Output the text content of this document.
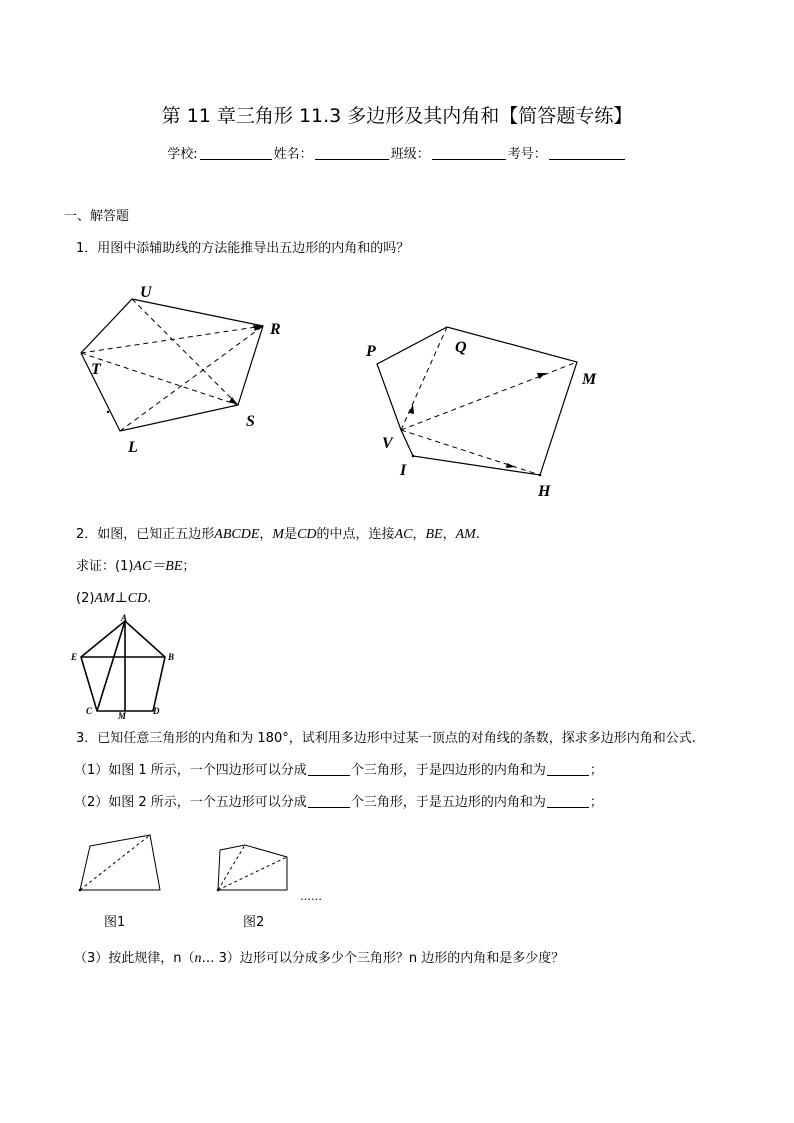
第 11 章三角形 11.3 多边形及其内角和【简答题专练】
学校:	姓名：	班级：	考号：
一、解答题
1．用图中添辅助线的方法能推导出五边形的内角和的吗？
U
R
T
S
L
P	Q
M
V
I
H
A
E	B
C	M	D
2．如图，已知正五边形ABCDE，M是CD的中点，连接AC，BE，AM.
求证：(1)AC＝BE；
(2)AM⊥CD.
3．已知任意三角形的内角和为 180°，试利用多边形中过某一顶点的对角线的条数，探求多边形内角和公式.
（1）如图 1 所示，一个四边形可以分成	个三角形，于是四边形的内角和为	；
（2）如图 2 所示，一个五边形可以分成	个三角形，于是五边形的内角和为	；
图1	图2
……
（3）按此规律，n（n… 3）边形可以分成多少个三角形？n 边形的内角和是多少度？
